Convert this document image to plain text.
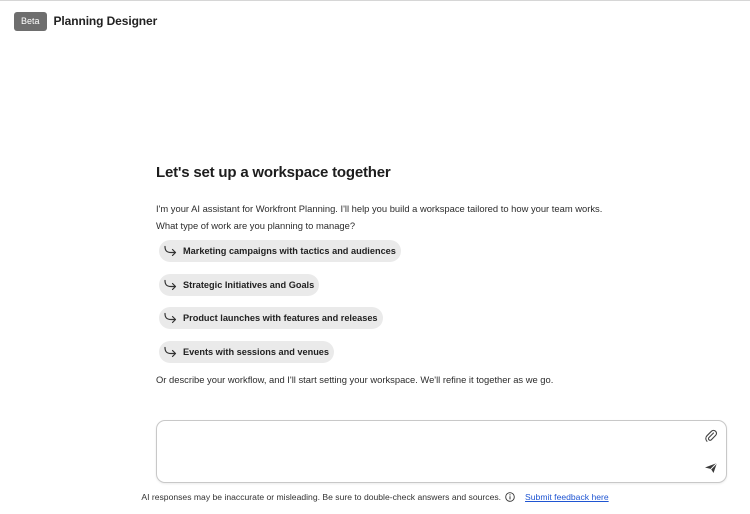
Beta	Planning Designer
Let's set up a workspace together
I'm your AI assistant for Workfront Planning. I'll help you build a workspace tailored to how your team works.
What type of work are you planning to manage?
Marketing campaigns with tactics and audiences
Strategic Initiatives and Goals
Product launches with features and releases
Events with sessions and venues
Or describe your workflow, and I'll start setting your workspace. We'll refine it together as we go.
AI responses may be inaccurate or misleading. Be sure to double-check answers and sources.	Submit feedback here
